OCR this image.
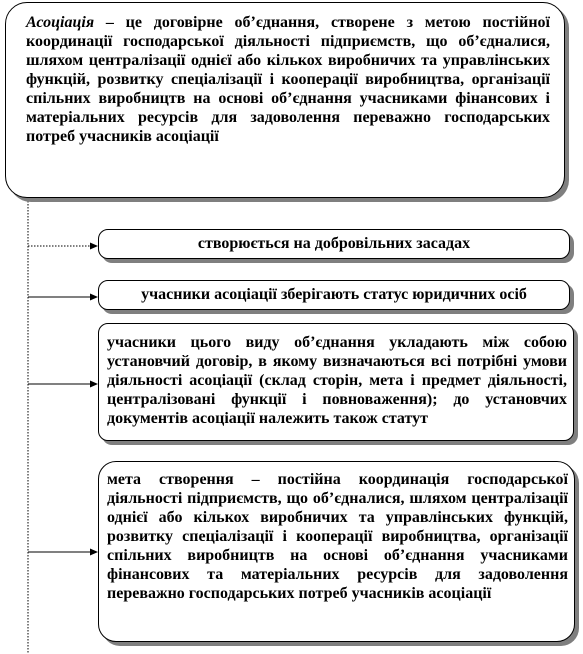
Асоціація – це договірне об’єднання, створене з метою постійної координації господарської діяльності підприємств, що об’єдналися, шляхом централізації однієї або кількох виробничих та управлінських функцій, розвитку спеціалізації і кооперації виробництва, організації спільних виробництв на основі об’єднання учасниками фінансових і матеріальних ресурсів для задоволення переважно господарських потреб учасників асоціації

створюється на добровільних засадах
учасники асоціації зберігають статус юридичних осіб

учасники цього виду об’єднання укладають між собою установчий договір, в якому визначаються всі потрібні умови діяльності асоціації (склад сторін, мета і предмет діяльності, централізовані функції і повноваження); до установчих документів асоціації належить також статут

мета створення – постійна координація господарської діяльності підприємств, що об’єдналися, шляхом централізації однієї або кількох виробничих та управлінських функцій, розвитку спеціалізації і кооперації виробництва, організації спільних виробництв на основі об’єднання учасниками фінансових та матеріальних ресурсів для задоволення переважно господарських потреб учасників асоціації
